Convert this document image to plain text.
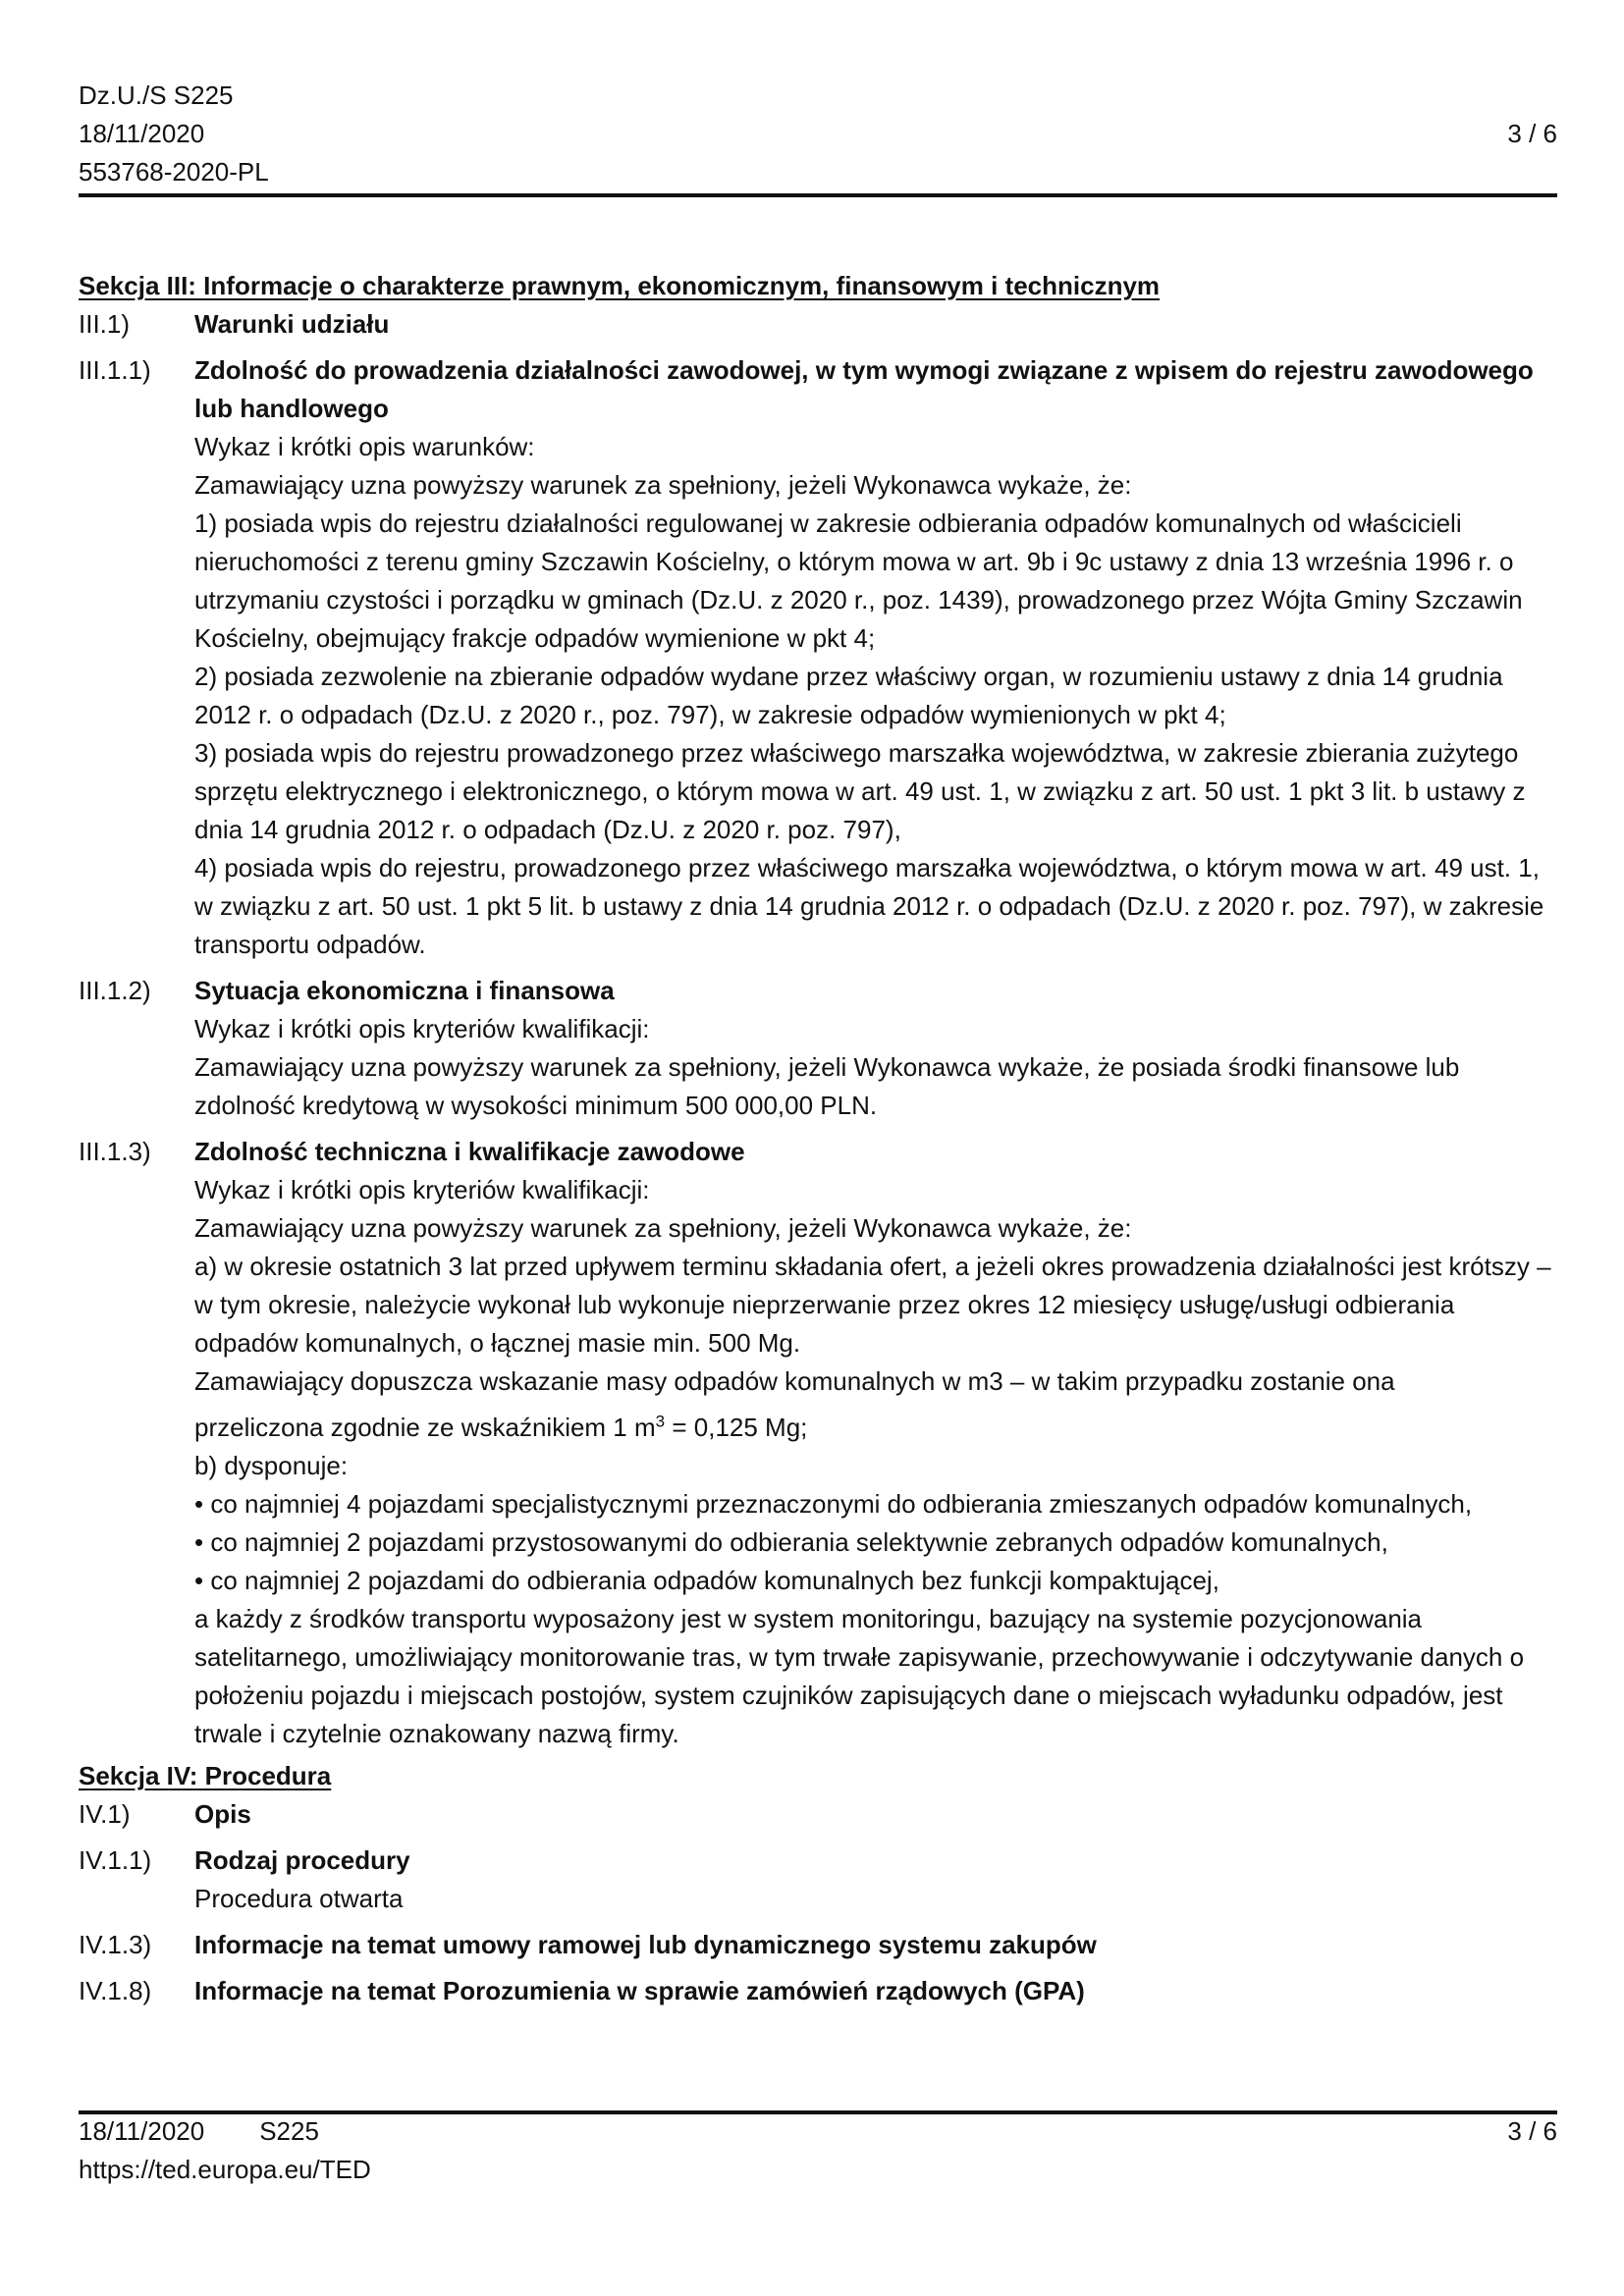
Dz.U./S S225
18/11/2020
553768-2020-PL
3 / 6
Sekcja III: Informacje o charakterze prawnym, ekonomicznym, finansowym i technicznym
III.1)	Warunki udziału
III.1.1)	Zdolność do prowadzenia działalności zawodowej, w tym wymogi związane z wpisem do rejestru zawodowego lub handlowego

Wykaz i krótki opis warunków:

Zamawiający uzna powyższy warunek za spełniony, jeżeli Wykonawca wykaże, że:

1) posiada wpis do rejestru działalności regulowanej w zakresie odbierania odpadów komunalnych od właścicieli nieruchomości z terenu gminy Szczawin Kościelny, o którym mowa w art. 9b i 9c ustawy z dnia 13 września 1996 r. o utrzymaniu czystości i porządku w gminach (Dz.U. z 2020 r., poz. 1439), prowadzonego przez Wójta Gminy Szczawin Kościelny, obejmujący frakcje odpadów wymienione w pkt 4;

2) posiada zezwolenie na zbieranie odpadów wydane przez właściwy organ, w rozumieniu ustawy z dnia 14 grudnia 2012 r. o odpadach (Dz.U. z 2020 r., poz. 797), w zakresie odpadów wymienionych w pkt 4;

3) posiada wpis do rejestru prowadzonego przez właściwego marszałka województwa, w zakresie zbierania zużytego sprzętu elektrycznego i elektronicznego, o którym mowa w art. 49 ust. 1, w związku z art. 50 ust. 1 pkt 3 lit. b ustawy z dnia 14 grudnia 2012 r. o odpadach (Dz.U. z 2020 r. poz. 797),

4) posiada wpis do rejestru, prowadzonego przez właściwego marszałka województwa, o którym mowa w art. 49 ust. 1, w związku z art. 50 ust. 1 pkt 5 lit. b ustawy z dnia 14 grudnia 2012 r. o odpadach (Dz.U. z 2020 r. poz. 797), w zakresie transportu odpadów.

III.1.2)	Sytuacja ekonomiczna i finansowa

Wykaz i krótki opis kryteriów kwalifikacji:

Zamawiający uzna powyższy warunek za spełniony, jeżeli Wykonawca wykaże, że posiada środki finansowe lub zdolność kredytową w wysokości minimum 500 000,00 PLN.

III.1.3)	Zdolność techniczna i kwalifikacje zawodowe

Wykaz i krótki opis kryteriów kwalifikacji:

Zamawiający uzna powyższy warunek za spełniony, jeżeli Wykonawca wykaże, że:

a) w okresie ostatnich 3 lat przed upływem terminu składania ofert, a jeżeli okres prowadzenia działalności jest krótszy – w tym okresie, należycie wykonał lub wykonuje nieprzerwanie przez okres 12 miesięcy usługę/usługi odbierania odpadów komunalnych, o łącznej masie min. 500 Mg.

Zamawiający dopuszcza wskazanie masy odpadów komunalnych w m3 – w takim przypadku zostanie ona

przeliczona zgodnie ze wskaźnikiem 1 $m^3 = 0,125$ Mg;

b) dysponuje:

• co najmniej 4 pojazdami specjalistycznymi przeznaczonymi do odbierania zmieszanych odpadów komunalnych,

• co najmniej 2 pojazdami przystosowanymi do odbierania selektywnie zebranych odpadów komunalnych,

• co najmniej 2 pojazdami do odbierania odpadów komunalnych bez funkcji kompaktującej,

a każdy z środków transportu wyposażony jest w system monitoringu, bazujący na systemie pozycjonowania satelitarnego, umożliwiający monitorowanie tras, w tym trwałe zapisywanie, przechowywanie i odczytywanie danych o położeniu pojazdu i miejscach postojów, system czujników zapisujących dane o miejscach wyładunku odpadów, jest trwale i czytelnie oznakowany nazwą firmy.

Sekcja IV: Procedura
IV.1)	Opis
IV.1.1)	Rodzaj procedury

Procedura otwarta

IV.1.3)	Informacje na temat umowy ramowej lub dynamicznego systemu zakupów
IV.1.8)	Informacje na temat Porozumienia w sprawie zamówień rządowych (GPA)
18/11/2020 S225
https://ted.europa.eu/TED
3 / 6
